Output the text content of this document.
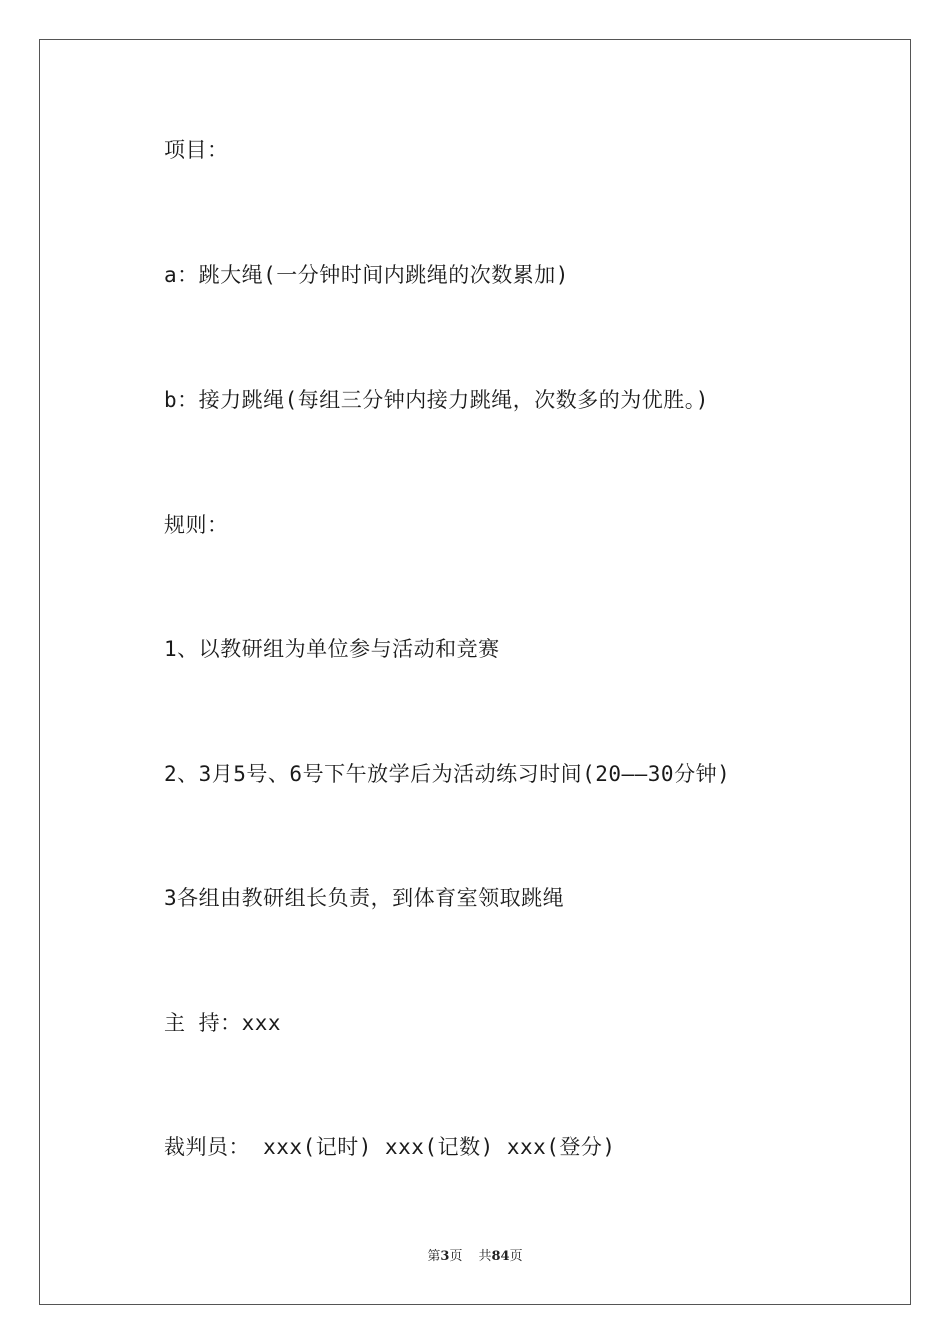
项目：
a：跳大绳(一分钟时间内跳绳的次数累加)
b：接力跳绳(每组三分钟内接力跳绳，次数多的为优胜。)
规则：
1、以教研组为单位参与活动和竞赛
2、3月5号、6号下午放学后为活动练习时间(20——30分钟)
3各组由教研组长负责，到体育室领取跳绳
主 持：xxx
裁判员： xxx(记时) xxx(记数) xxx(登分)
第3页 共84页
